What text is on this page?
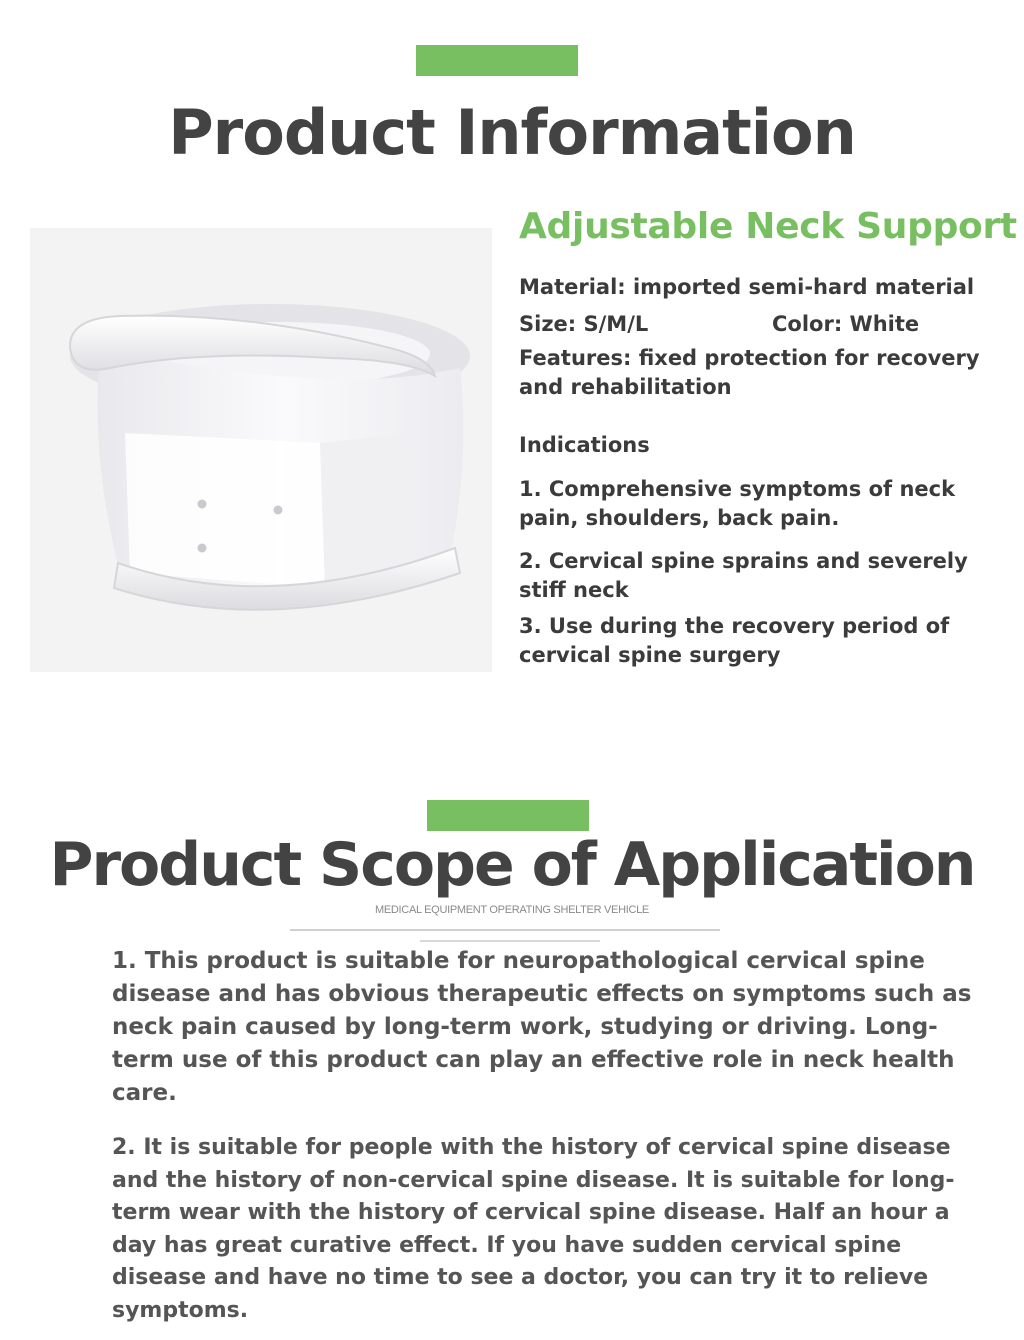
Product Information
Adjustable Neck Support
Material: imported semi-hard material
Size: S/M/L	Color: White
Features: fixed protection for recovery and rehabilitation
Indications
1. Comprehensive symptoms of neck pain, shoulders, back pain.
2. Cervical spine sprains and severely stiff neck
3. Use during the recovery period of cervical spine surgery
Product Scope of Application
MEDICAL EQUIPMENT OPERATING SHELTER VEHICLE
1. This product is suitable for neuropathological cervical spine disease and has obvious therapeutic effects on symptoms such as neck pain caused by long-term work, studying or driving. Long-term use of this product can play an effective role in neck health care.
2. It is suitable for people with the history of cervical spine disease and the history of non-cervical spine disease. It is suitable for long-term wear with the history of cervical spine disease. Half an hour a day has great curative effect. If you have sudden cervical spine disease and have no time to see a doctor, you can try it to relieve symptoms.
